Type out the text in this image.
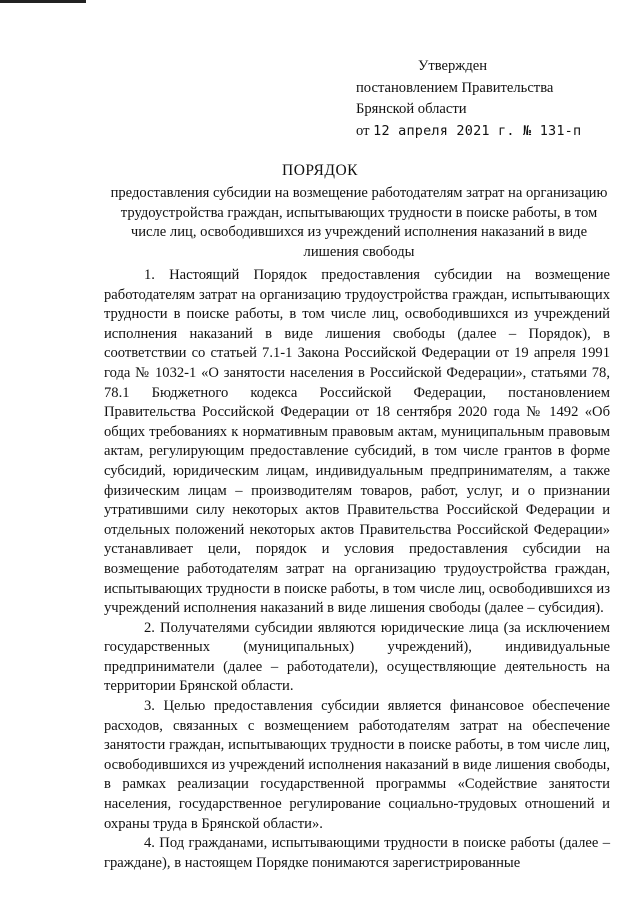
Утвержден
постановлением Правительства
Брянской области
от 12 апреля 2021 г. № 131-п
ПОРЯДОК
предоставления субсидии на возмещение работодателям затрат на организацию трудоустройства граждан, испытывающих трудности в поиске работы, в том числе лиц, освободившихся из учреждений исполнения наказаний в виде лишения свободы

1. Настоящий Порядок предоставления субсидии на возмещение работодателям затрат на организацию трудоустройства граждан, испытывающих трудности в поиске работы, в том числе лиц, освободившихся из учреждений исполнения наказаний в виде лишения свободы (далее – Порядок), в соответствии со статьей 7.1-1 Закона Российской Федерации от 19 апреля 1991 года № 1032-1 «О занятости населения в Российской Федерации», статьями 78, 78.1 Бюджетного кодекса Российской Федерации, постановлением Правительства Российской Федерации от 18 сентября 2020 года № 1492 «Об общих требованиях к нормативным правовым актам, муниципальным правовым актам, регулирующим предоставление субсидий, в том числе грантов в форме субсидий, юридическим лицам, индивидуальным предпринимателям, а также физическим лицам – производителям товаров, работ, услуг, и о признании утратившими силу некоторых актов Правительства Российской Федерации и отдельных положений некоторых актов Правительства Российской Федерации» устанавливает цели, порядок и условия предоставления субсидии на возмещение работодателям затрат на организацию трудоустройства граждан, испытывающих трудности в поиске работы, в том числе лиц, освободившихся из учреждений исполнения наказаний в виде лишения свободы (далее – субсидия).

2. Получателями субсидии являются юридические лица (за исключением государственных (муниципальных) учреждений), индивидуальные предприниматели (далее – работодатели), осуществляющие деятельность на территории Брянской области.

3. Целью предоставления субсидии является финансовое обеспечение расходов, связанных с возмещением работодателям затрат на обеспечение занятости граждан, испытывающих трудности в поиске работы, в том числе лиц, освободившихся из учреждений исполнения наказаний в виде лишения свободы, в рамках реализации государственной программы «Содействие занятости населения, государственное регулирование социально-трудовых отношений и охраны труда в Брянской области».

4. Под гражданами, испытывающими трудности в поиске работы (далее – граждане), в настоящем Порядке понимаются зарегистрированные
